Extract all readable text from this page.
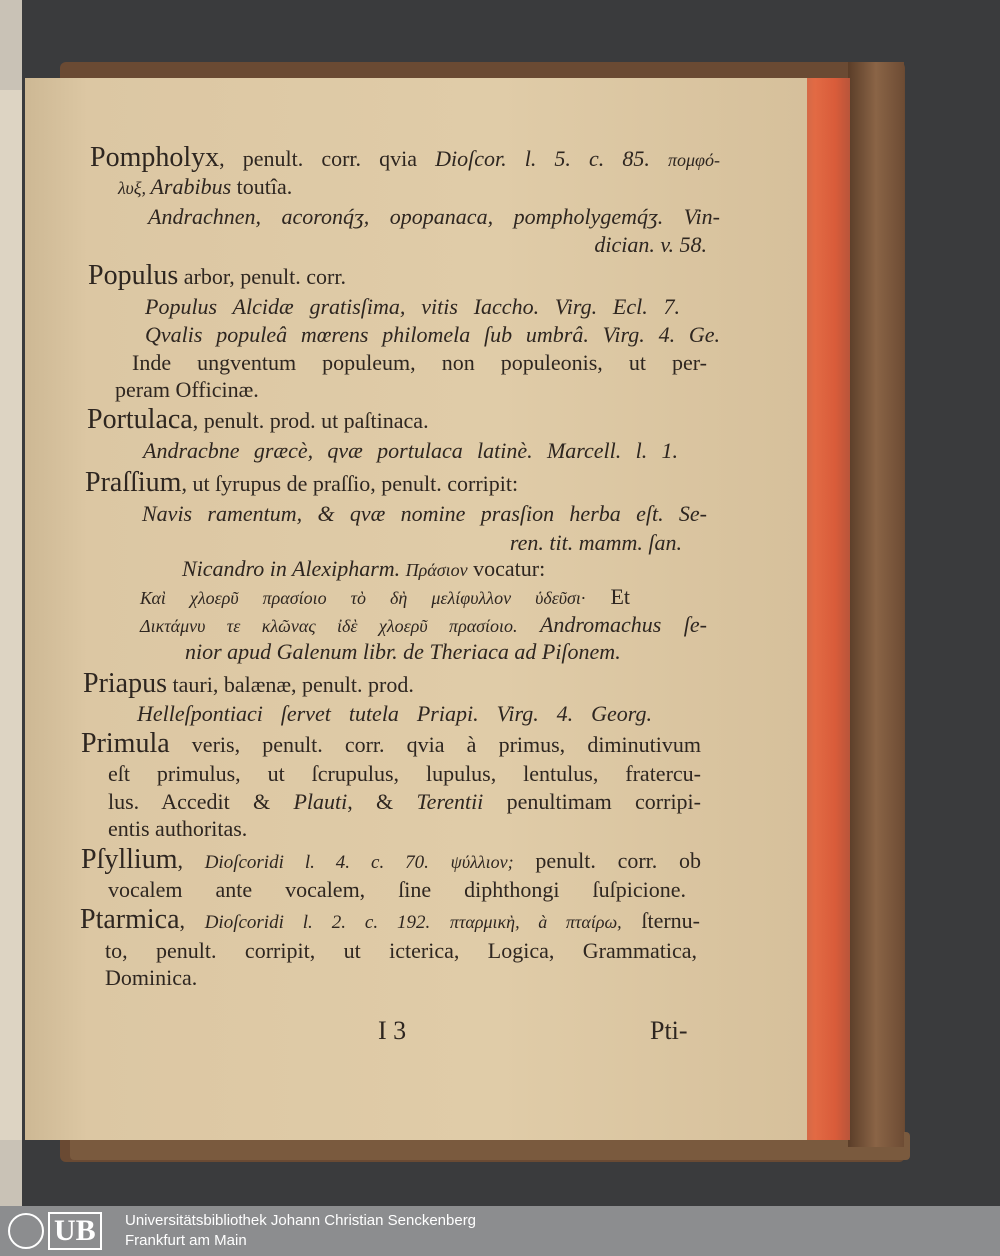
Pompholyx, penult. corr. qvia Dioſcor. l. 5. c. 85. πομφό-
λυξ, Arabibus toutîa.
Andrachnen, acoronq́ʒ, opopanaca, pompholygemq́ʒ. Vin-
dician. v. 58.
Populus arbor, penult. corr.
Populus Alcidæ gratisſima, vitis Iaccho. Virg. Ecl. 7.
Qvalis populeâ mœrens philomela ſub umbrâ. Virg. 4. Ge.
Inde ungventum populeum, non populeonis, ut per-
peram Officinæ.
Portulaca, penult. prod. ut paſtinaca.
Andracbne græcè, qvæ portulaca latinè. Marcell. l. 1.
Praſſium, ut ſyrupus de praſſio, penult. corripit:
Navis ramentum, & qvæ nomine prasſion herba eſt. Se-
ren. tit. mamm. ſan.
Nicandro in Alexipharm. Πράσιον vocatur:
Καὶ χλοερῦ πρασίοιο τὸ δὴ μελίφυλλον ὑδεῦσι· Et
Δικτάμνυ τε κλῶνας ἰδὲ χλοερῦ πρασίοιο. Andromachus ſe-
nior apud Galenum libr. de Theriaca ad Piſonem.
Priapus tauri, balænæ, penult. prod.
Helleſpontiaci ſervet tutela Priapi. Virg. 4. Georg.
Primula veris, penult. corr. qvia à primus, diminutivum
eſt primulus, ut ſcrupulus, lupulus, lentulus, fratercu-
lus. Accedit & Plauti, & Terentii penultimam corripi-
entis authoritas.
Pſyllium, Dioſcoridi l. 4. c. 70. ψύλλιον; penult. corr. ob
vocalem ante vocalem, ſine diphthongi ſuſpicione.
Ptarmica, Dioſcoridi l. 2. c. 192. πταρμικὴ, à πταίρω, ſternu-
to, penult. corripit, ut icterica, Logica, Grammatica,
Dominica.
I 3	Pti-
UB	Universitätsbibliothek Johann Christian Senckenberg
Frankfurt am Main
